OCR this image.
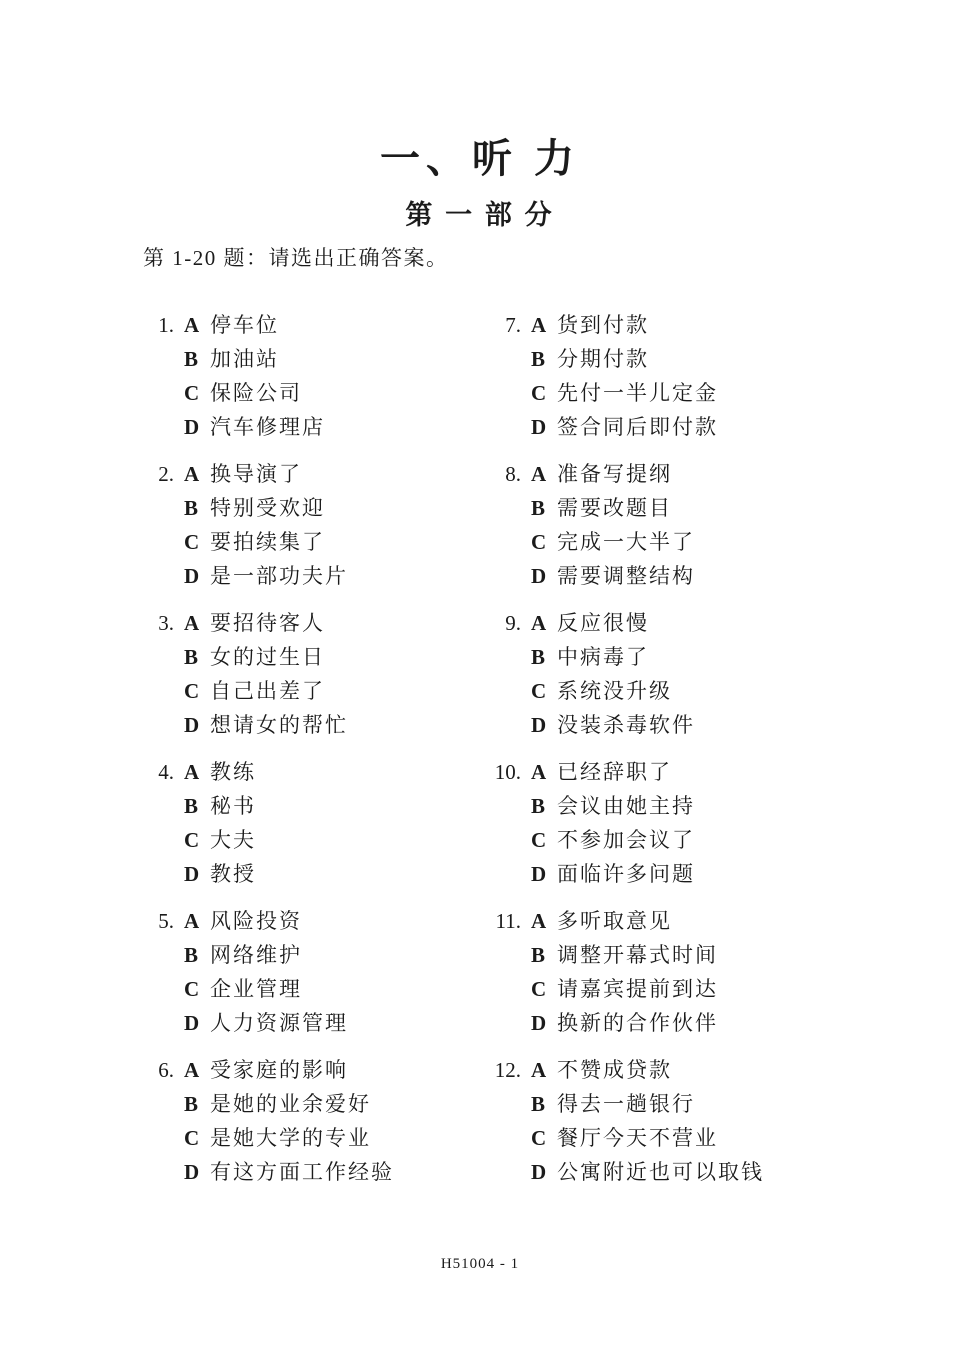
一、听 力
第 一 部 分
第 1-20 题：请选出正确答案。
1. A 停车位
B 加油站
C 保险公司
D 汽车修理店
2. A 换导演了
B 特别受欢迎
C 要拍续集了
D 是一部功夫片
3. A 要招待客人
B 女的过生日
C 自己出差了
D 想请女的帮忙
4. A 教练
B 秘书
C 大夫
D 教授
5. A 风险投资
B 网络维护
C 企业管理
D 人力资源管理
6. A 受家庭的影响
B 是她的业余爱好
C 是她大学的专业
D 有这方面工作经验
7. A 货到付款
B 分期付款
C 先付一半儿定金
D 签合同后即付款
8. A 准备写提纲
B 需要改题目
C 完成一大半了
D 需要调整结构
9. A 反应很慢
B 中病毒了
C 系统没升级
D 没装杀毒软件
10. A 已经辞职了
B 会议由她主持
C 不参加会议了
D 面临许多问题
11. A 多听取意见
B 调整开幕式时间
C 请嘉宾提前到达
D 换新的合作伙伴
12. A 不赞成贷款
B 得去一趟银行
C 餐厅今天不营业
D 公寓附近也可以取钱
H51004 - 1
